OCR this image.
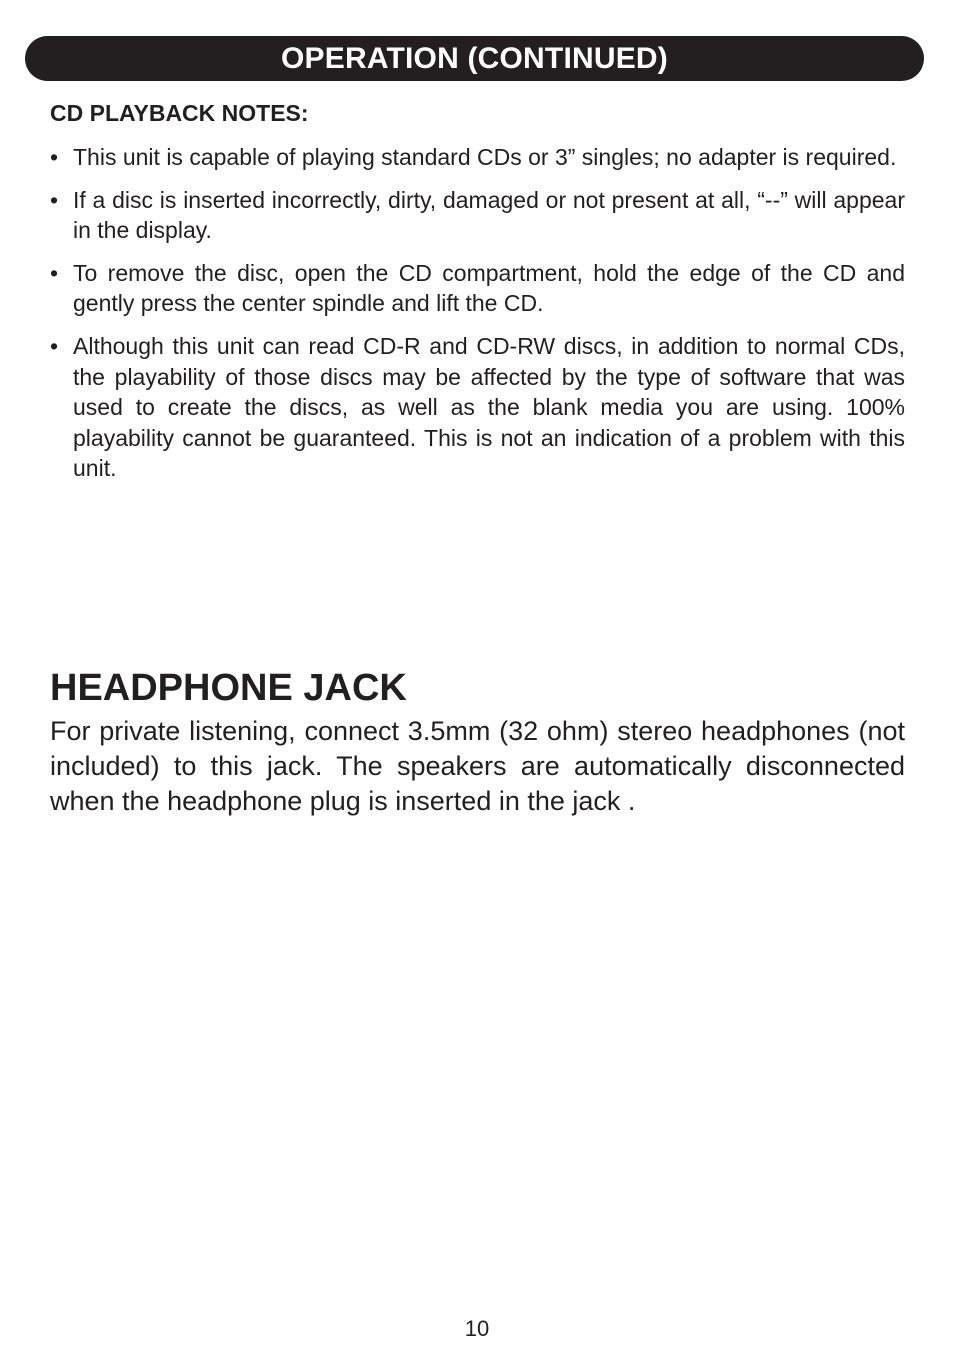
OPERATION (CONTINUED)
CD PLAYBACK NOTES:
• This unit is capable of playing standard CDs or 3” singles; no adapter is required.
• If a disc is inserted incorrectly, dirty, damaged or not present at all, “--” will appear in the display.
• To remove the disc, open the CD compartment, hold the edge of the CD and gently press the center spindle and lift the CD.
• Although this unit can read CD-R and CD-RW discs, in addition to normal CDs, the playability of those discs may be affected by the type of software that was used to create the discs, as well as the blank media you are using. 100% playability cannot be guaranteed. This is not an indication of a problem with this unit.
HEADPHONE JACK

For private listening, connect 3.5mm (32 ohm) stereo headphones (not included) to this jack. The speakers are automatically disconnected when the headphone plug is inserted in the jack .

10
